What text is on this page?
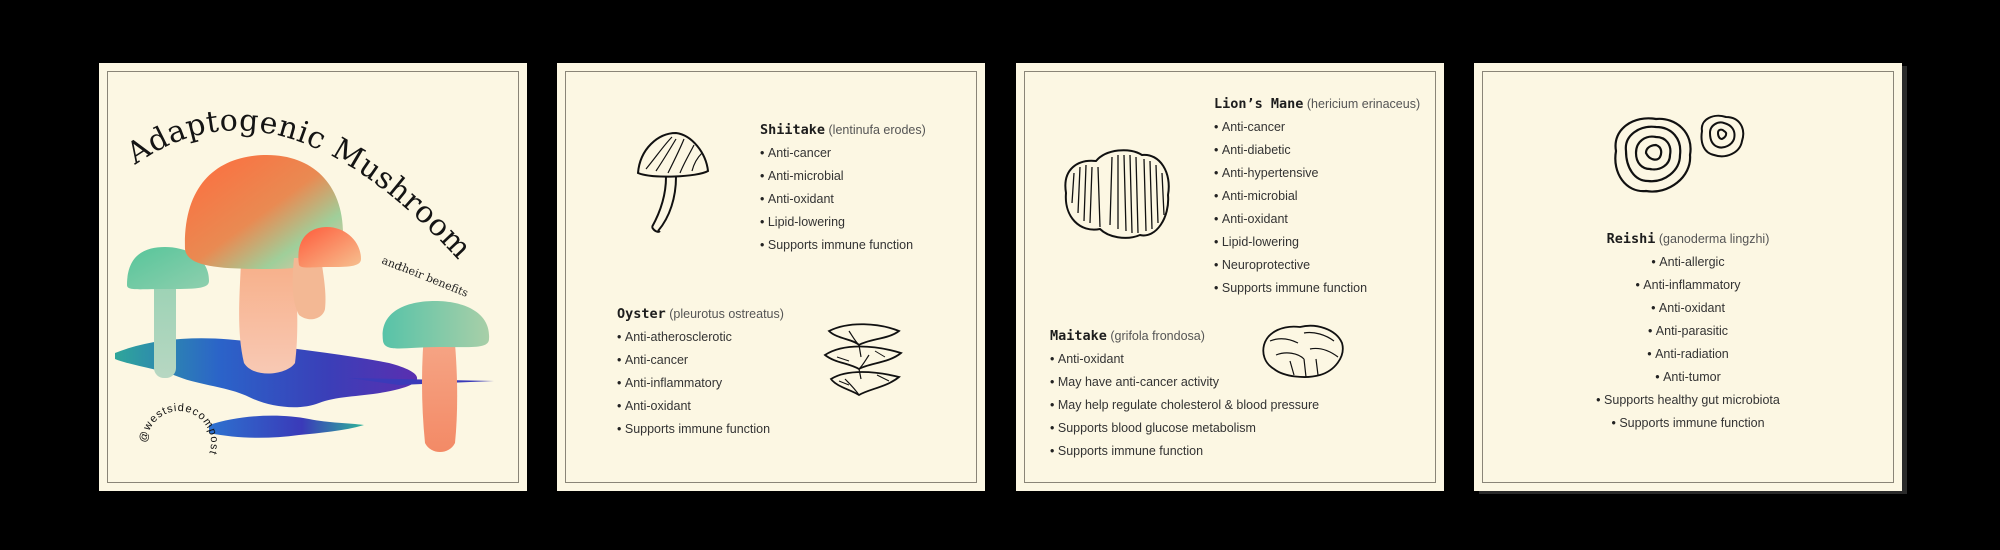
Adaptogenic Mushrooms
and
their benefits
@westsidecompost
Shiitake (lentinufa erodes)
• Anti-cancer
• Anti-microbial
• Anti-oxidant
• Lipid-lowering
• Supports immune function
Oyster (pleurotus ostreatus)
• Anti-atherosclerotic
• Anti-cancer
• Anti-inflammatory
• Anti-oxidant
• Supports immune function
Lion’s Mane (hericium erinaceus)
• Anti-cancer
• Anti-diabetic
• Anti-hypertensive
• Anti-microbial
• Anti-oxidant
• Lipid-lowering
• Neuroprotective
• Supports immune function
Maitake (grifola frondosa)
• Anti-oxidant
• May have anti-cancer activity
• May help regulate cholesterol & blood pressure
• Supports blood glucose metabolism
• Supports immune function
Reishi (ganoderma lingzhi)
• Anti-allergic
• Anti-inflammatory
• Anti-oxidant
• Anti-parasitic
• Anti-radiation
• Anti-tumor
• Supports healthy gut microbiota
• Supports immune function
